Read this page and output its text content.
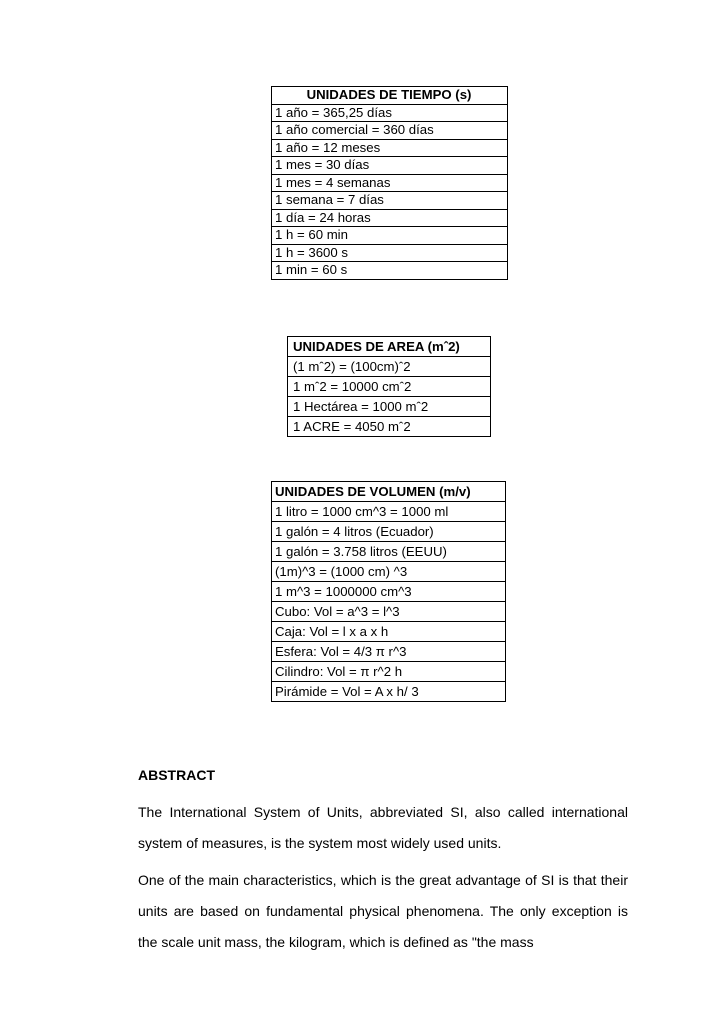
UNIDADES DE TIEMPO (s)
1 año = 365,25 días
1 año comercial = 360 días
1 año = 12 meses
1 mes = 30 días
1 mes = 4 semanas
1 semana = 7 días
1 día = 24 horas
1 h = 60 min
1 h = 3600 s
1 min = 60 s
UNIDADES DE AREA (mˆ2)
(1 mˆ2) = (100cm)ˆ2
1 mˆ2 = 10000 cmˆ2
1 Hectárea = 1000 mˆ2
1 ACRE = 4050 mˆ2
UNIDADES DE VOLUMEN (m/v)
1 litro = 1000 cm^3 = 1000 ml
1 galón = 4 litros (Ecuador)
1 galón = 3.758 litros (EEUU)
(1m)^3 = (1000 cm) ^3
1 m^3 = 1000000 cm^3
Cubo: Vol = a^3 = l^3
Caja: Vol = l x a x h
Esfera: Vol = 4/3 π r^3
Cilindro: Vol = π r^2 h
Pirámide = Vol = A x h/ 3

ABSTRACT

The International System of Units, abbreviated SI, also called international system of measures, is the system most widely used units.

One of the main characteristics, which is the great advantage of SI is that their units are based on fundamental physical phenomena. The only exception is the scale unit mass, the kilogram, which is defined as "the mass
